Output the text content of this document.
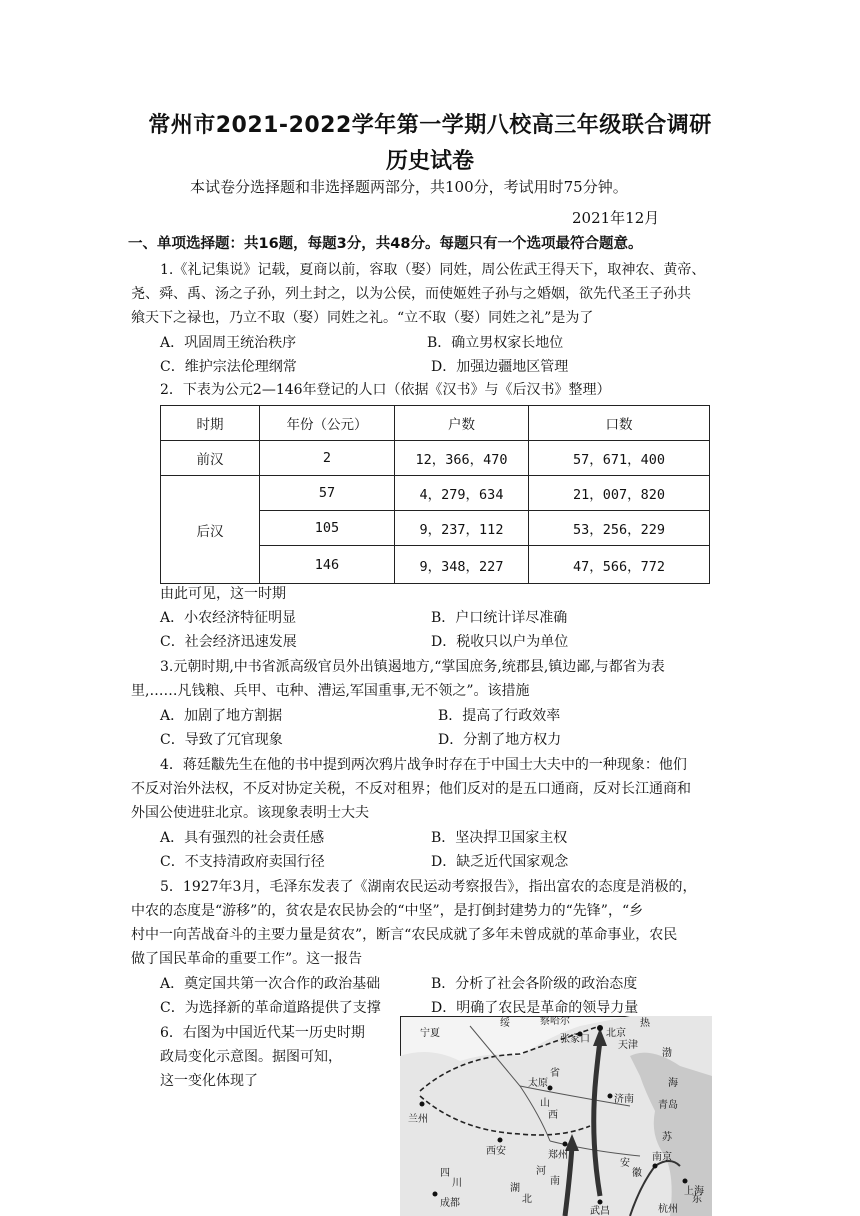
常州市2021-2022学年第一学期八校高三年级联合调研
历史试卷
本试卷分选择题和非选择题两部分，共100分，考试用时75分钟。
2021年12月
一、单项选择题：共16题，每题3分，共48分。每题只有一个选项最符合题意。
1.《礼记集说》记载，夏商以前，容取（娶）同姓，周公佐武王得天下，取神农、黄帝、
尧、舜、禹、汤之子孙，列土封之，以为公侯，而使姬姓子孙与之婚姻，欲先代圣王子孙共
飨天下之禄也，乃立不取（娶）同姓之礼。“立不取（娶）同姓之礼”是为了
A．巩固周王统治秩序	B．确立男权家长地位
C．维护宗法伦理纲常	D．加强边疆地区管理
2．下表为公元2—146年登记的人口（依据《汉书》与《后汉书》整理）
时期	年份（公元）	户数	口数
前汉	2	12，366，470	57，671，400
后汉	57	4，279，634	21，007，820
	105	9，237，112	53，256，229
	146	9，348，227	47，566，772
由此可见，这一时期
A．小农经济特征明显	B．户口统计详尽准确
C．社会经济迅速发展	D．税收只以户为单位
3.元朝时期,中书省派高级官员外出镇遏地方,“掌国庶务,统郡县,镇边鄙,与都省为表
里,……凡钱粮、兵甲、屯种、漕运,军国重事,无不领之”。该措施
A．加剧了地方割据	B．提高了行政效率
C．导致了冗官现象	D．分割了地方权力
4．蒋廷黻先生在他的书中提到两次鸦片战争时存在于中国士大夫中的一种现象：他们
不反对治外法权，不反对协定关税，不反对租界；他们反对的是五口通商，反对长江通商和
外国公使进驻北京。该现象表明士大夫
A．具有强烈的社会责任感	B．坚决捍卫国家主权
C．不支持清政府卖国行径	D．缺乏近代国家观念
5．1927年3月，毛泽东发表了《湖南农民运动考察报告》，指出富农的态度是消极的，
中农的态度是“游移”的，贫农是农民协会的“中坚”，是打倒封建势力的“先锋”，“乡
村中一向苦战奋斗的主要力量是贫农”，断言“农民成就了多年未曾成就的革命事业，农民
做了国民革命的重要工作”。这一报告
A．奠定国共第一次合作的政治基础	B．分析了社会各阶级的政治态度
C．为选择新的革命道路提供了支撑	D．明确了农民是革命的领导力量
6．右图为中国近代某一历史时期
政局变化示意图。据图可知，
这一变化体现了
宁夏
绥	热
察哈尔
张家口
北京
天津
太原
山
西
省
济南
青岛
兰州
西安	郑州
河
南
安
徽
南京
上海
杭州
四
川
成都
武昌
湖
北
苏
海
渤
东
